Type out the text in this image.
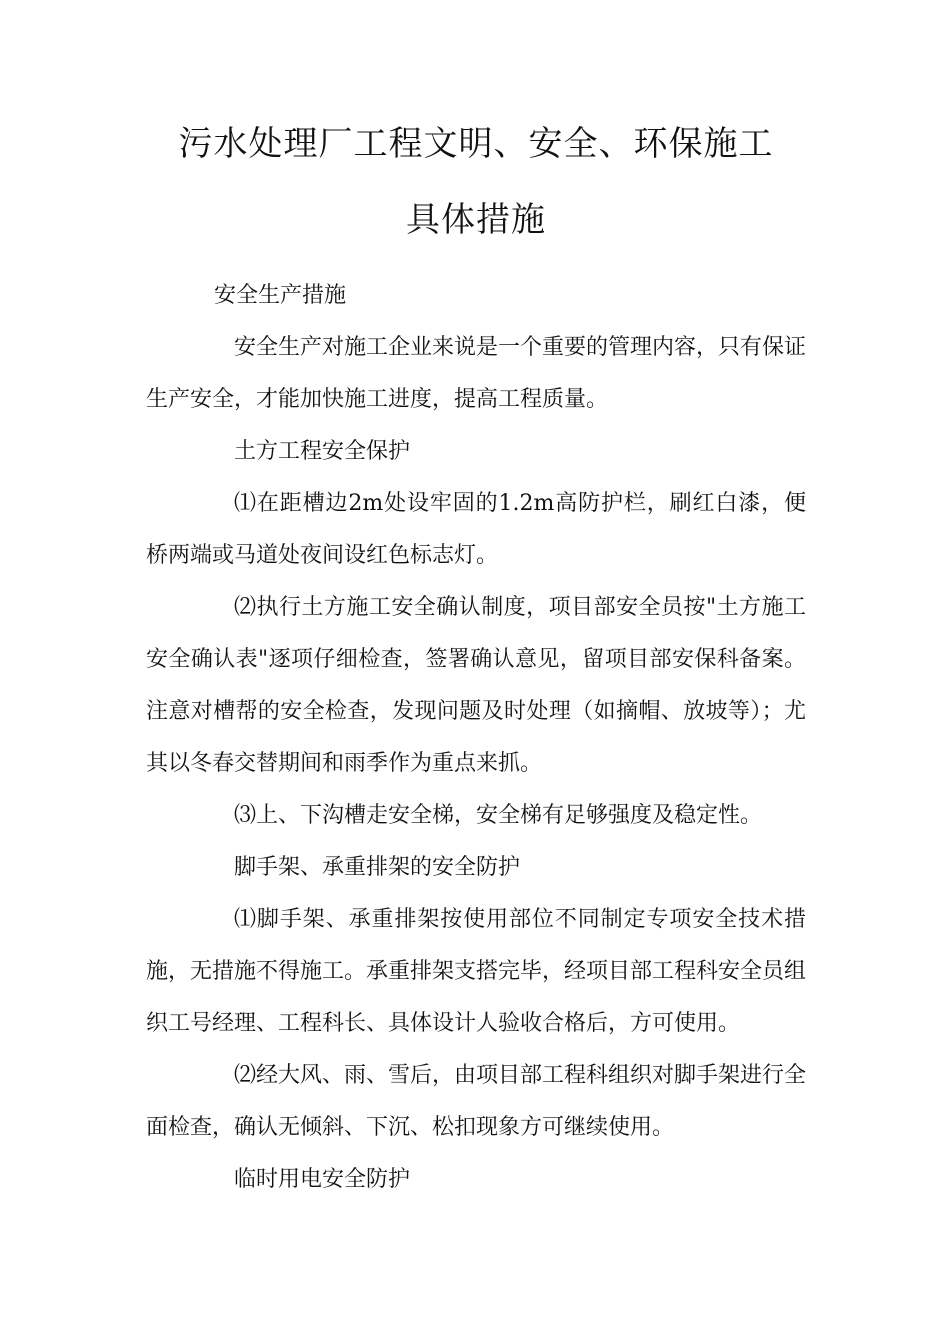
污水处理厂工程文明、安全、环保施工
具体措施

安全生产措施

安全生产对施工企业来说是一个重要的管理内容，只有保证生产安全，才能加快施工进度，提高工程质量。

土方工程安全保护

⑴在距槽边2m处设牢固的1.2m高防护栏，刷红白漆，便桥两端或马道处夜间设红色标志灯。

⑵执行土方施工安全确认制度，项目部安全员按"土方施工安全确认表"逐项仔细检查，签署确认意见，留项目部安保科备案。注意对槽帮的安全检查，发现问题及时处理（如摘帽、放坡等）；尤其以冬春交替期间和雨季作为重点来抓。

⑶上、下沟槽走安全梯，安全梯有足够强度及稳定性。

脚手架、承重排架的安全防护

⑴脚手架、承重排架按使用部位不同制定专项安全技术措施，无措施不得施工。承重排架支搭完毕，经项目部工程科安全员组织工号经理、工程科长、具体设计人验收合格后，方可使用。

⑵经大风、雨、雪后，由项目部工程科组织对脚手架进行全面检查，确认无倾斜、下沉、松扣现象方可继续使用。

临时用电安全防护
